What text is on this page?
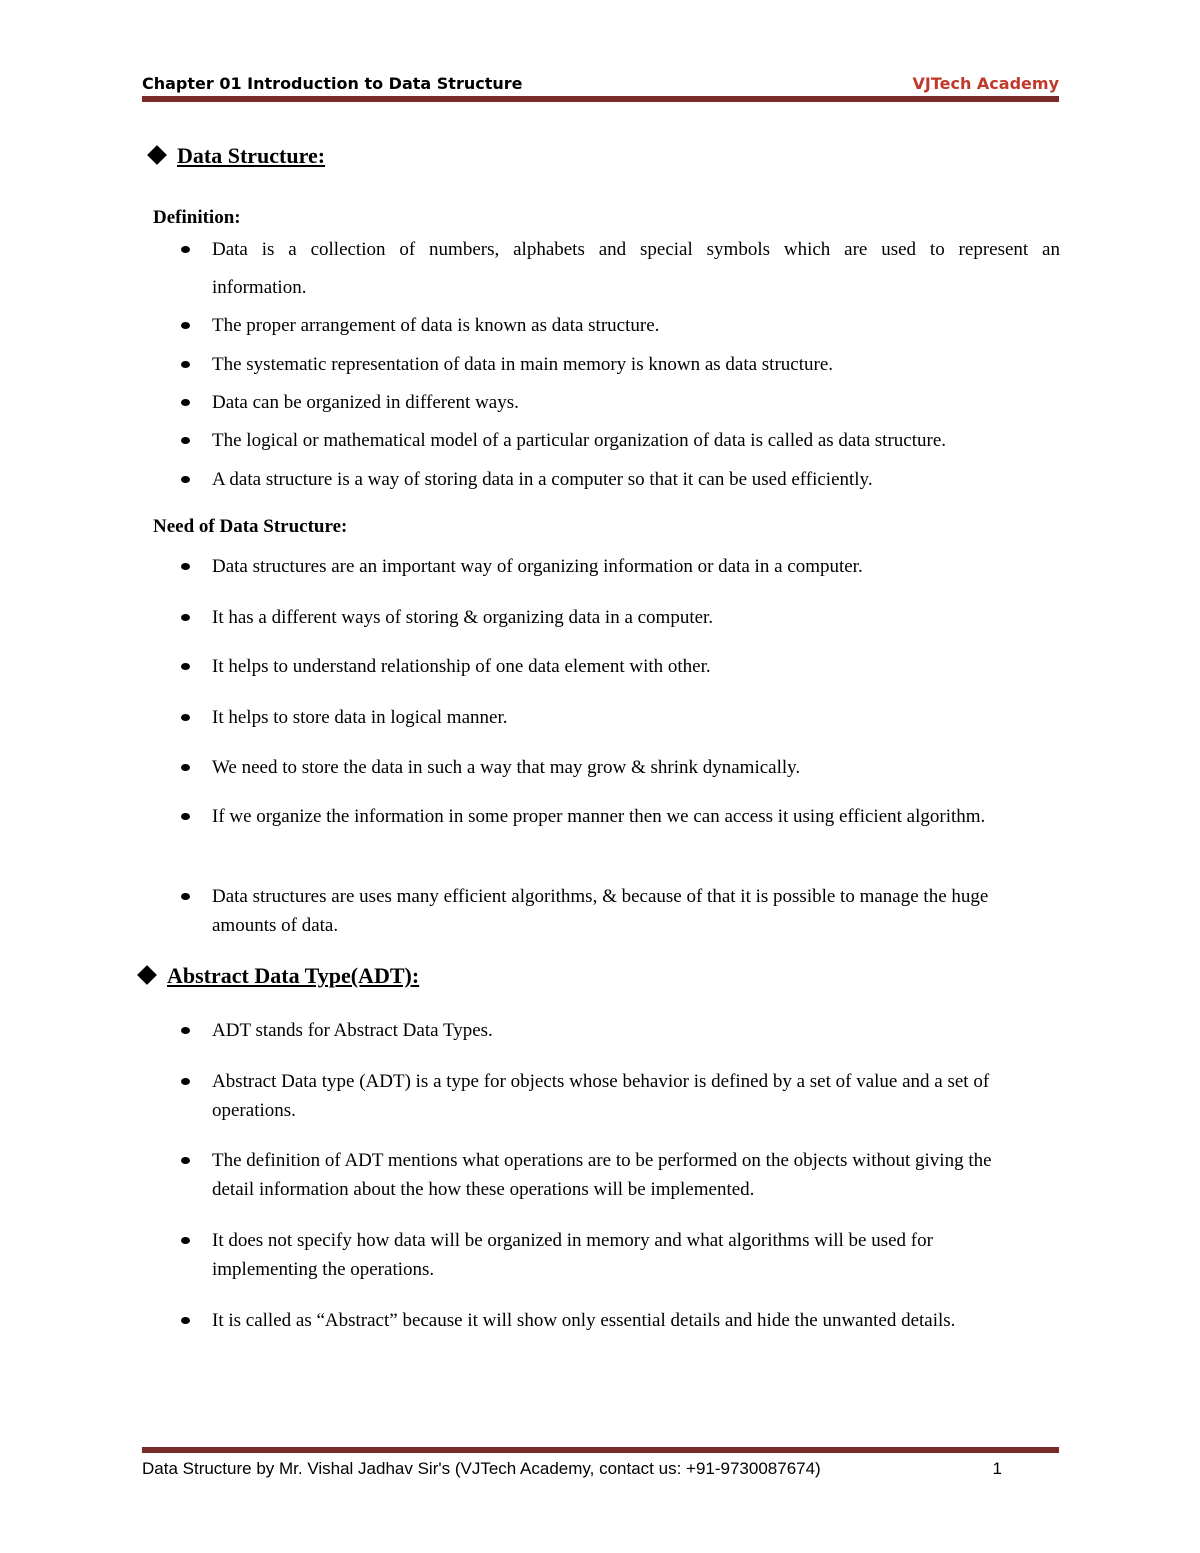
Chapter 01 Introduction to Data Structure	VJTech Academy
Data Structure:
Definition:
Data is a collection of numbers, alphabets and special symbols which are used to represent an
information.
The proper arrangement of data is known as data structure.
The systematic representation of data in main memory is known as data structure.
Data can be organized in different ways.
The logical or mathematical model of a particular organization of data is called as data structure.
A data structure is a way of storing data in a computer so that it can be used efficiently.
Need of Data Structure:
Data structures are an important way of organizing information or data in a computer.
It has a different ways of storing & organizing data in a computer.
It helps to understand relationship of one data element with other.
It helps to store data in logical manner.
We need to store the data in such a way that may grow & shrink dynamically.
If we organize the information in some proper manner then we can access it using efficient algorithm.
Data structures are uses many efficient algorithms, & because of that it is possible to manage the huge amounts of data.
Abstract Data Type(ADT):
ADT stands for Abstract Data Types.
Abstract Data type (ADT) is a type for objects whose behavior is defined by a set of value and a set of operations.
The definition of ADT mentions what operations are to be performed on the objects without giving the detail information about the how these operations will be implemented.
It does not specify how data will be organized in memory and what algorithms will be used for implementing the operations.
It is called as “Abstract” because it will show only essential details and hide the unwanted details.
Data Structure by Mr. Vishal Jadhav Sir's (VJTech Academy, contact us: +91-9730087674)	1
